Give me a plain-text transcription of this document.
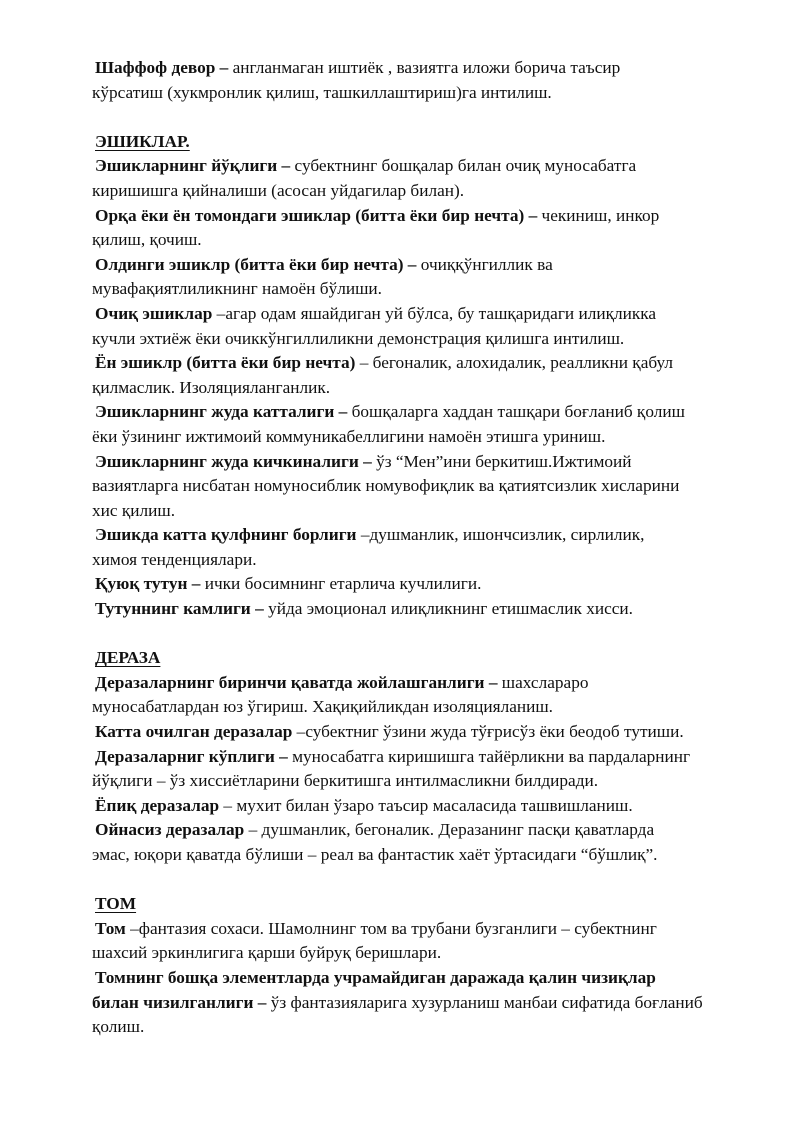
Шаффоф девор – англанмаган иштиёк , вазиятга иложи борича таъсир
кўрсатиш (хукмронлик қилиш, ташкиллаштириш)га интилиш.
ЭШИКЛАР.
Эшикларнинг йўқлиги – субектнинг бошқалар билан очиқ муносабатга
киришишга қийналиши (асосан уйдагилар билан).
Орқа ёки ён томондаги эшиклар (битта ёки бир нечта) – чекиниш, инкор
қилиш, қочиш.
Олдинги эшиклр (битта ёки бир нечта) – очиққўнгиллик ва
мувафақиятлиликнинг намоён бўлиши.
Очиқ эшиклар –агар одам яшайдиган уй бўлса, бу ташқаридаги илиқликка
кучли эхтиёж ёки очиккўнгиллиликни демонстрация қилишга интилиш.
Ён эшиклр (битта ёки бир нечта) – бегоналик, алохидалик, реалликни қабул
қилмаслик. Изоляцияланганлик.
Эшикларнинг жуда катталиги – бошқаларга хаддан ташқари боғланиб қолиш
ёки ўзининг ижтимоий коммуникабеллигини намоён этишга уриниш.
Эшикларнинг жуда кичкиналиги – ўз “Мен”ини беркитиш.Ижтимоий
вазиятларга нисбатан номуносиблик номувофиқлик ва қатиятсизлик хисларини
хис қилиш.
Эшикда катта қулфнинг борлиги –душманлик, ишончсизлик, сирлилик,
химоя тенденциялари.
Қуюқ тутун – ички босимнинг етарлича кучлилиги.
Тутуннинг камлиги – уйда эмоционал илиқликнинг етишмаслик хисси.
ДЕРАЗА
Деразаларнинг биринчи қаватда жойлашганлиги – шахслараро
муносабатлардан юз ўгириш. Хақиқийликдан изоляцияланиш.
Катта очилган деразалар –субектниг ўзини жуда тўғрисўз ёки беодоб тутиши.
Деразаларниг кўплиги – муносабатга киришишга тайёрликни ва пардаларнинг
йўқлиги – ўз хиссиётларини беркитишга интилмасликни билдиради.
Ёпиқ деразалар – мухит билан ўзаро таъсир масаласида ташвишланиш.
Ойнасиз деразалар – душманлик, бегоналик. Деразанинг пасқи қаватларда
эмас, юқори қаватда бўлиши – реал ва фантастик хаёт ўртасидаги “бўшлиқ”.
ТОМ
Том –фантазия сохаси. Шамолнинг том ва трубани бузганлиги – субектнинг
шахсий эркинлигига қарши буйруқ беришлари.
Томнинг бошқа элементларда учрамайдиган даражада қалин чизиқлар
билан чизилганлиги – ўз фантазияларига хузурланиш манбаи сифатида боғланиб
қолиш.
